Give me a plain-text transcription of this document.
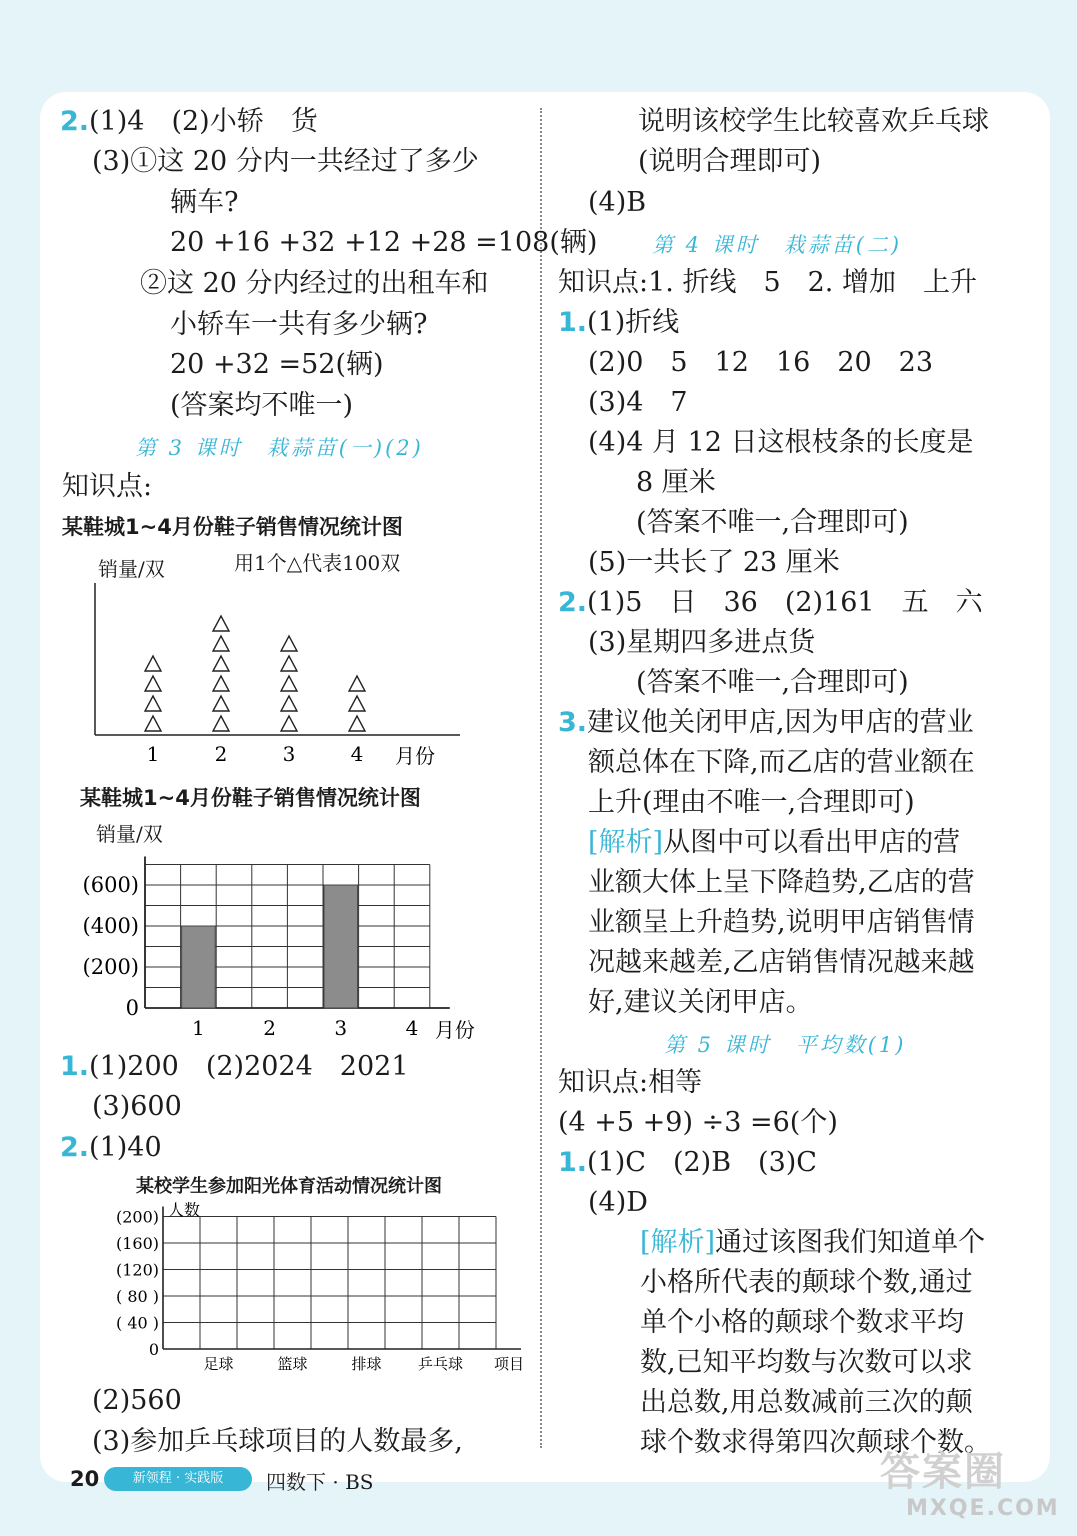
2.(1)4　(2)小轿　货
(3)①这 20 分内一共经过了多少
辆车?
20 +16 +32 +12 +28 =108(辆)
②这 20 分内经过的出租车和
小轿车一共有多少辆?
20 +32 =52(辆)
(答案均不唯一)
第 3 课时　栽蒜苗(一)(2)
知识点:
某鞋城1~4月份鞋子销售情况统计图
销量/双	用1个△代表100双
1	2	3	4 月份
某鞋城1~4月份鞋子销售情况统计图
销量/双
0
(200)
(400)
(600)
1	2	3	4 月份
1.(1)200　(2)2024　2021
(3)600
2.(1)40
某校学生参加阳光体育活动情况统计图
人数
0
( 40 )
( 80 )
(120)
(160)
(200)
足球	篮球	排球 乒乓球 项目
(2)560
(3)参加乒乓球项目的人数最多,
说明该校学生比较喜欢乒乓球
(说明合理即可)
(4)B
第 4 课时　栽蒜苗(二)
知识点:1. 折线　5　2. 增加　上升
1.(1)折线
(2)0　5　12　16　20　23
(3)4　7
(4)4 月 12 日这根枝条的长度是
8 厘米
(答案不唯一,合理即可)
(5)一共长了 23 厘米
2.(1)5　日　36　(2)161　五　六
(3)星期四多进点货
(答案不唯一,合理即可)
3.建议他关闭甲店,因为甲店的营业
额总体在下降,而乙店的营业额在
上升(理由不唯一,合理即可)
[解析]从图中可以看出甲店的营
业额大体上呈下降趋势,乙店的营
业额呈上升趋势,说明甲店销售情
况越来越差,乙店销售情况越来越
好,建议关闭甲店。
第 5 课时　平均数(1)
知识点:相等
(4 +5 +9) ÷3 =6(个)
1.(1)C　(2)B　(3)C
(4)D
[解析]通过该图我们知道单个
小格所代表的颠球个数,通过
单个小格的颠球个数求平均
数,已知平均数与次数可以求
出总数,用总数减前三次的颠
球个数求得第四次颠球个数。
20	新领程 · 实践版	四数下 · BS	答案圈
MXQE.COM
